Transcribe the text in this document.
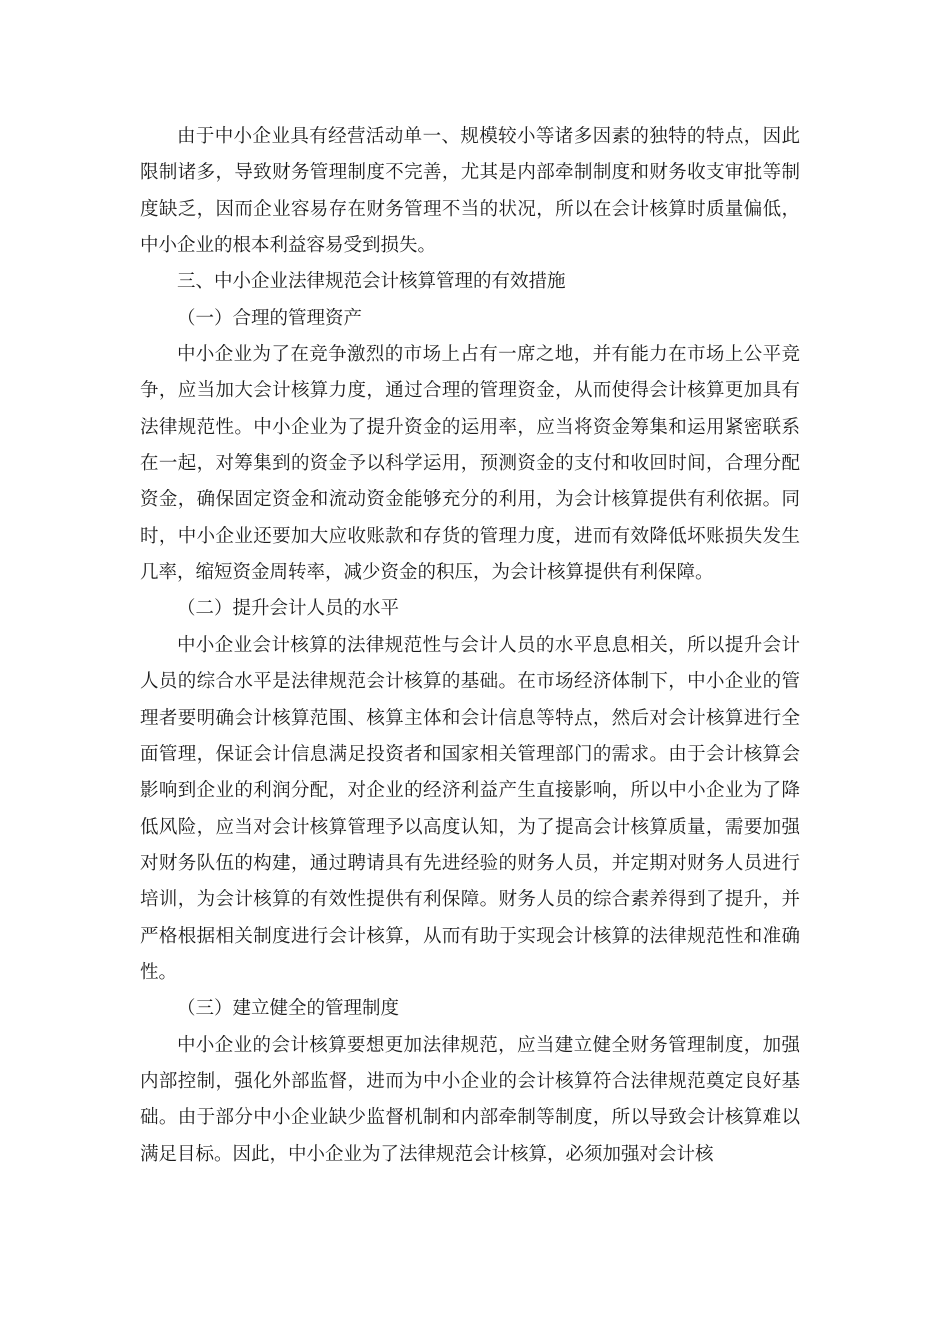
由于中小企业具有经营活动单一、规模较小等诸多因素的独特的特点，因此限制诸多，导致财务管理制度不完善，尤其是内部牵制制度和财务收支审批等制度缺乏，因而企业容易存在财务管理不当的状况，所以在会计核算时质量偏低，中小企业的根本利益容易受到损失。

三、中小企业法律规范会计核算管理的有效措施

（一）合理的管理资产

中小企业为了在竞争激烈的市场上占有一席之地，并有能力在市场上公平竞争，应当加大会计核算力度，通过合理的管理资金，从而使得会计核算更加具有法律规范性。中小企业为了提升资金的运用率，应当将资金筹集和运用紧密联系在一起，对筹集到的资金予以科学运用，预测资金的支付和收回时间，合理分配资金，确保固定资金和流动资金能够充分的利用，为会计核算提供有利依据。同时，中小企业还要加大应收账款和存货的管理力度，进而有效降低坏账损失发生几率，缩短资金周转率，减少资金的积压，为会计核算提供有利保障。

（二）提升会计人员的水平

中小企业会计核算的法律规范性与会计人员的水平息息相关，所以提升会计人员的综合水平是法律规范会计核算的基础。在市场经济体制下，中小企业的管理者要明确会计核算范围、核算主体和会计信息等特点，然后对会计核算进行全面管理，保证会计信息满足投资者和国家相关管理部门的需求。由于会计核算会影响到企业的利润分配，对企业的经济利益产生直接影响，所以中小企业为了降低风险，应当对会计核算管理予以高度认知，为了提高会计核算质量，需要加强对财务队伍的构建，通过聘请具有先进经验的财务人员，并定期对财务人员进行培训，为会计核算的有效性提供有利保障。财务人员的综合素养得到了提升，并严格根据相关制度进行会计核算，从而有助于实现会计核算的法律规范性和准确性。

（三）建立健全的管理制度

中小企业的会计核算要想更加法律规范，应当建立健全财务管理制度，加强内部控制，强化外部监督，进而为中小企业的会计核算符合法律规范奠定良好基础。由于部分中小企业缺少监督机制和内部牵制等制度，所以导致会计核算难以满足目标。因此，中小企业为了法律规范会计核算，必须加强对会计核
